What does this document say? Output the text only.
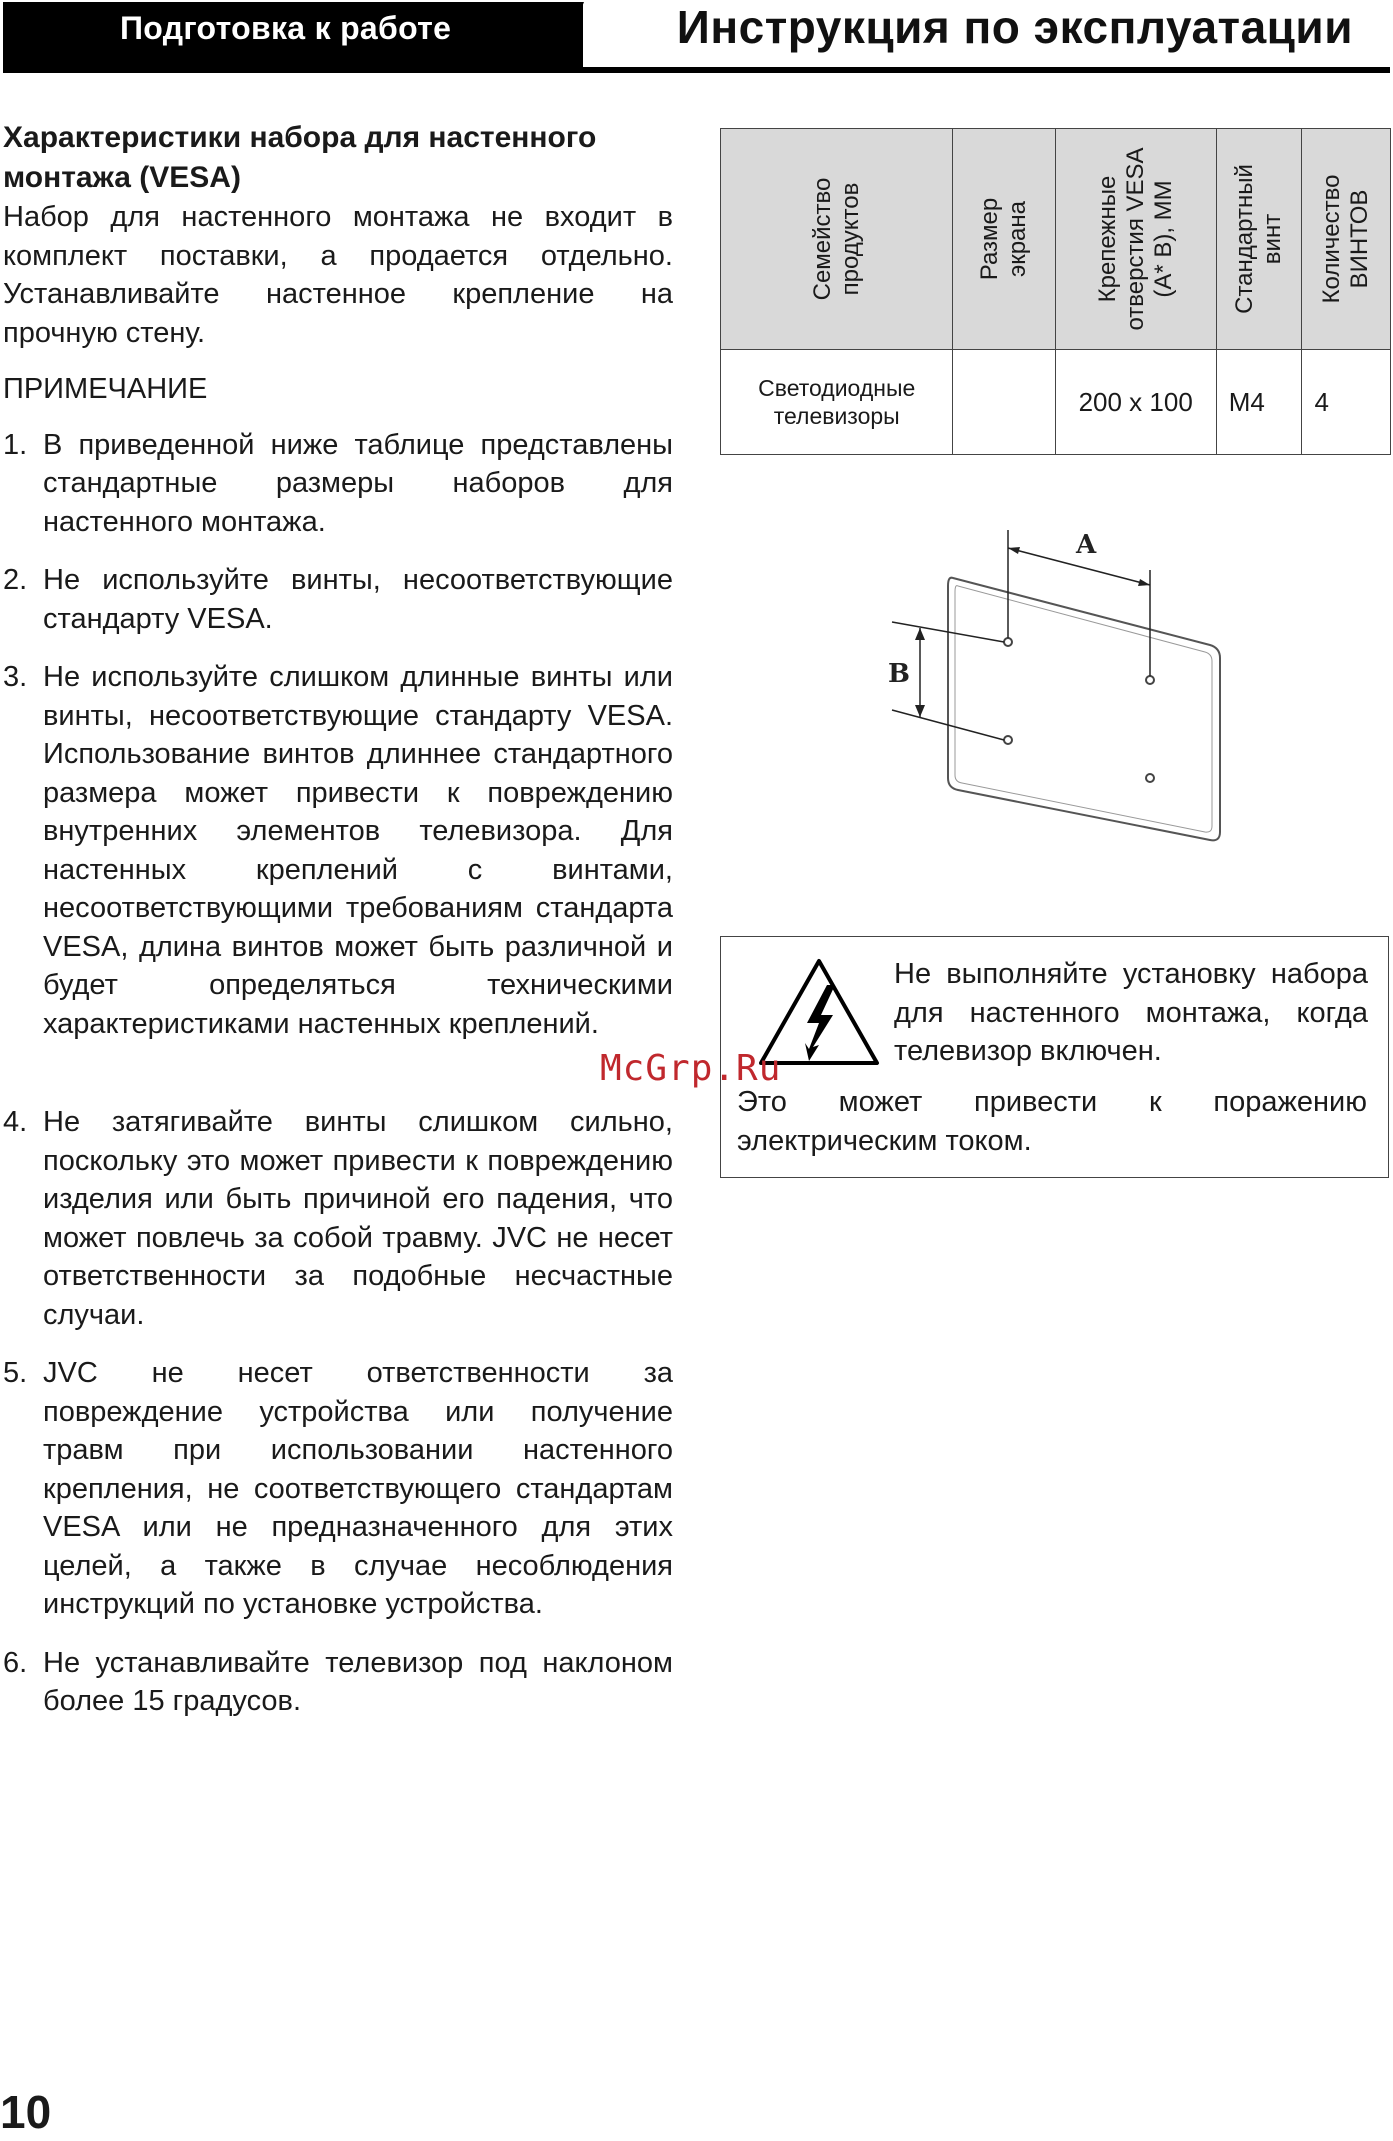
Подготовка к работе	Инструкция по эксплуатации

Характеристики набора для настенного монтажа (VESA)

Набор для настенного монтажа не входит в комплект поставки, а продается отдельно. Устанавливайте настенное крепление на прочную стену.

ПРИМЕЧАНИЕ

1. В приведенной ниже таблице представлены стандартные размеры наборов для настенного монтажа.
2. Не используйте винты, несоответствующие стандарту VESA.
3. Не используйте слишком длинные винты или винты, несоответствующие стандарту VESA. Использование винтов длиннее стандартного размера может привести к повреждению внутренних элементов телевизора. Для настенных креплений с винтами, несоответствующими требованиям стандарта VESA, длина винтов может быть различной и будет определяться техническими характеристиками настенных креплений.
4. Не затягивайте винты слишком сильно, поскольку это может привести к повреждению изделия или быть причиной его падения, что может повлечь за собой травму. JVC не несет ответственности за подобные несчастные случаи.
5. JVC не несет ответственности за повреждение устройства или получение травм при использовании настенного крепления, не соответствующего стандартам VESA или не предназначенного для этих целей, а также в случае несоблюдения инструкций по установке устройства.
6. Не устанавливайте телевизор под наклоном более 15 градусов.
Семейство продуктов	Размер экрана	Крепежные отверстия VESA (А* В), ММ	Стандартный винт	Количество ВИНТОВ

Светодиодные телевизоры		200 х 100	М4	4
A
B

Не выполняйте установку набора для настенного монтажа, когда телевизор включен.

Это может привести к поражению электрическим током.

McGrp.Ru
10
